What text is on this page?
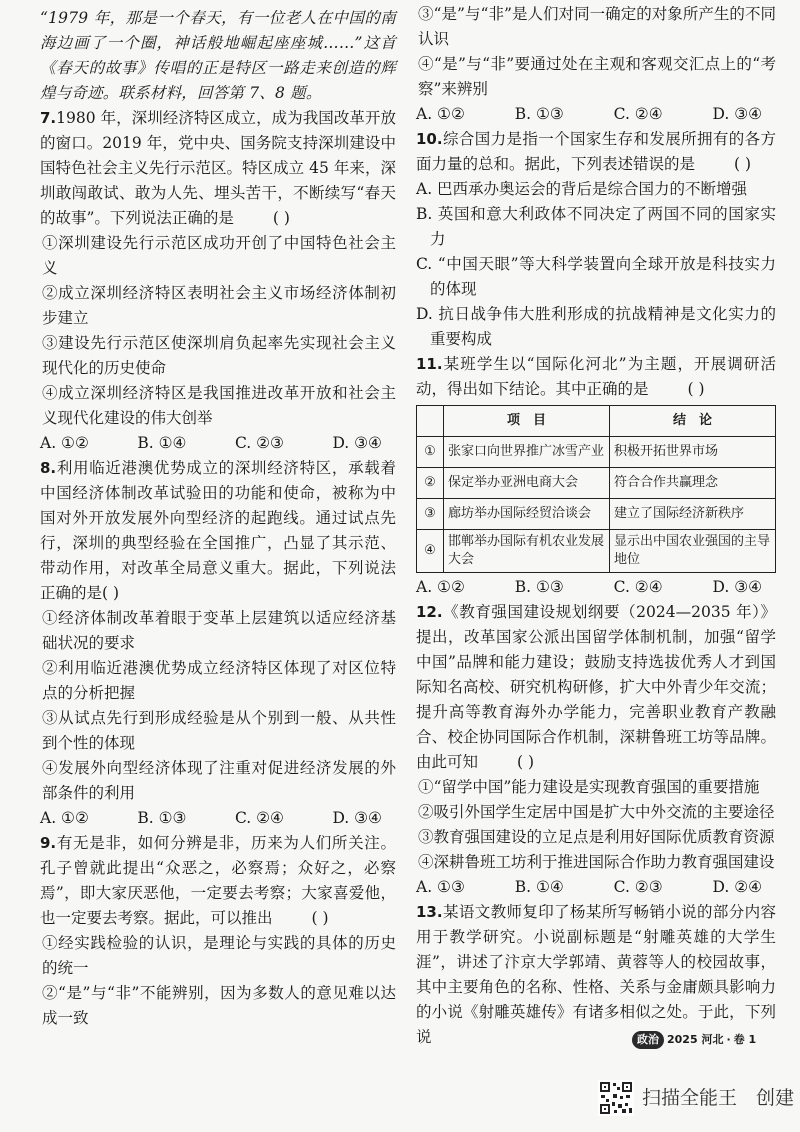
“1979 年，那是一个春天，有一位老人在中国的南海边画了一个圈，神话般地崛起座座城……”这首《春天的故事》传唱的正是特区一路走来创造的辉煌与奇迹。联系材料，回答第 7、8 题。

7.1980 年，深圳经济特区成立，成为我国改革开放的窗口。2019 年，党中央、国务院支持深圳建设中国特色社会主义先行示范区。特区成立 45 年来，深圳敢闯敢试、敢为人先、埋头苦干，不断续写“春天的故事”。下列说法正确的是	( )

①深圳建设先行示范区成功开创了中国特色社会主义

②成立深圳经济特区表明社会主义市场经济体制初步建立

③建设先行示范区使深圳肩负起率先实现社会主义现代化的历史使命

④成立深圳经济特区是我国推进改革开放和社会主义现代化建设的伟大创举

A. ①②	B. ①④	C. ②③	D. ③④

8.利用临近港澳优势成立的深圳经济特区，承载着中国经济体制改革试验田的功能和使命，被称为中国对外开放发展外向型经济的起跑线。通过试点先行，深圳的典型经验在全国推广，凸显了其示范、带动作用，对改革全局意义重大。据此，下列说法正确的是( )

①经济体制改革着眼于变革上层建筑以适应经济基础状况的要求

②利用临近港澳优势成立经济特区体现了对区位特点的分析把握

③从试点先行到形成经验是从个别到一般、从共性到个性的体现

④发展外向型经济体现了注重对促进经济发展的外部条件的利用

A. ①②	B. ①③	C. ②④	D. ③④

9.有无是非，如何分辨是非，历来为人们所关注。孔子曾就此提出“众恶之，必察焉；众好之，必察焉”，即大家厌恶他，一定要去考察；大家喜爱他，也一定要去考察。据此，可以推出	( )

①经实践检验的认识，是理论与实践的具体的历史的统一

②“是”与“非”不能辨别，因为多数人的意见难以达成一致

③“是”与“非”是人们对同一确定的对象所产生的不同认识

④“是”与“非”要通过处在主观和客观交汇点上的“考察”来辨别

A. ①②	B. ①③	C. ②④	D. ③④

10.综合国力是指一个国家生存和发展所拥有的各方面力量的总和。据此，下列表述错误的是	( )

A. 巴西承办奥运会的背后是综合国力的不断增强

B. 英国和意大利政体不同决定了两国不同的国家实力

C. “中国天眼”等大科学装置向全球开放是科技实力的体现

D. 抗日战争伟大胜利形成的抗战精神是文化实力的重要构成

11.某班学生以“国际化河北”为主题，开展调研活动，得出如下结论。其中正确的是	( )

	项　目	结　论
①	张家口向世界推广冰雪产业	积极开拓世界市场
②	保定举办亚洲电商大会	符合合作共赢理念
③	廊坊举办国际经贸洽谈会	建立了国际经济新秩序
④	邯郸举办国际有机农业发展大会	显示出中国农业强国的主导地位

A. ①②	B. ①③	C. ②④	D. ③④

12.《教育强国建设规划纲要（2024—2035 年）》提出，改革国家公派出国留学体制机制，加强“留学中国”品牌和能力建设；鼓励支持选拔优秀人才到国际知名高校、研究机构研修，扩大中外青少年交流；提升高等教育海外办学能力，完善职业教育产教融合、校企协同国际合作机制，深耕鲁班工坊等品牌。由此可知	( )

①“留学中国”能力建设是实现教育强国的重要措施

②吸引外国学生定居中国是扩大中外交流的主要途径

③教育强国建设的立足点是利用好国际优质教育资源

④深耕鲁班工坊利于推进国际合作助力教育强国建设

A. ①③	B. ①④	C. ②③	D. ②④

13.某语文教师复印了杨某所写畅销小说的部分内容用于教学研究。小说副标题是“射雕英雄的大学生涯”，讲述了汴京大学郭靖、黄蓉等人的校园故事，其中主要角色的名称、性格、关系与金庸颇具影响力的小说《射雕英雄传》有诸多相似之处。于此，下列说	政治 2025 河北 · 卷 1
扫描全能王　创建
